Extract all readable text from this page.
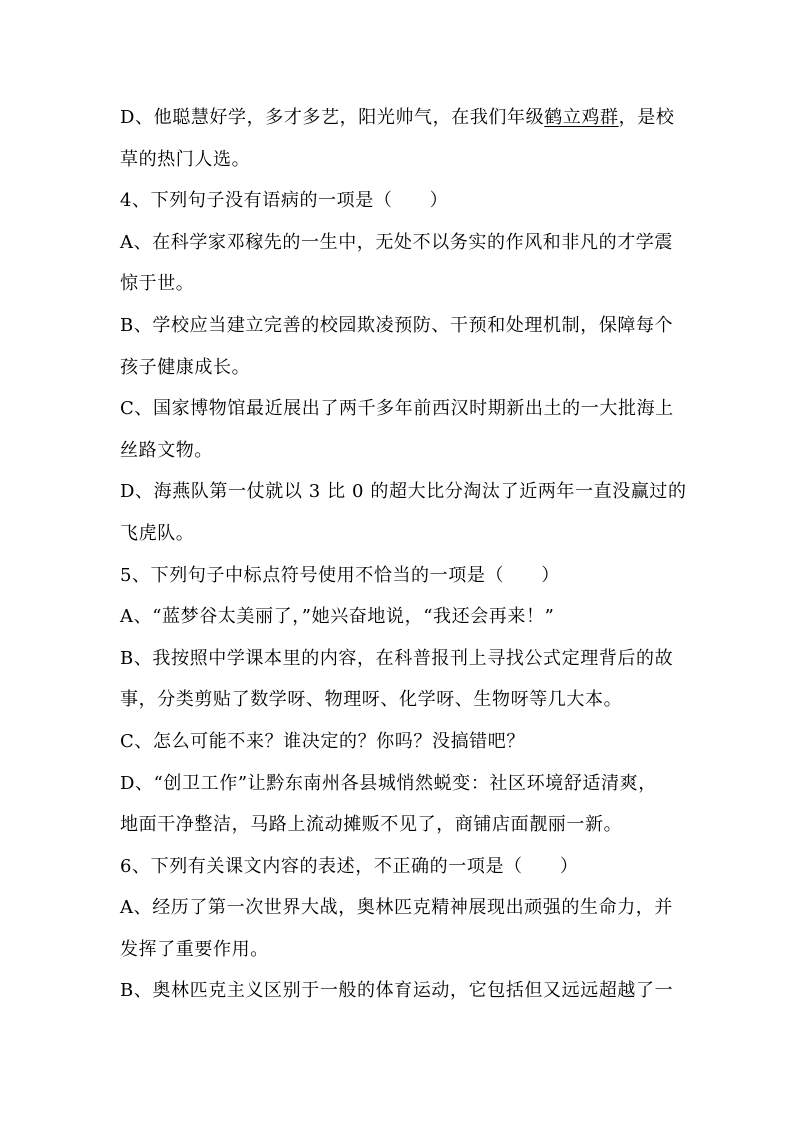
D、他聪慧好学，多才多艺，阳光帅气，在我们年级鹤立鸡群，是校
草的热门人选。
4、下列句子没有语病的一项是（　　）
A、在科学家邓稼先的一生中，无处不以务实的作风和非凡的才学震
惊于世。
B、学校应当建立完善的校园欺凌预防、干预和处理机制，保障每个
孩子健康成长。
C、国家博物馆最近展出了两千多年前西汉时期新出土的一大批海上
丝路文物。
D、海燕队第一仗就以 3 比 0 的超大比分淘汰了近两年一直没赢过的
飞虎队。
5、下列句子中标点符号使用不恰当的一项是（　　）
A、“蓝梦谷太美丽了，”她兴奋地说，“我还会再来！”
B、我按照中学课本里的内容，在科普报刊上寻找公式定理背后的故
事，分类剪贴了数学呀、物理呀、化学呀、生物呀等几大本。
C、怎么可能不来？谁决定的？你吗？没搞错吧？
D、“创卫工作”让黔东南州各县城悄然蜕变：社区环境舒适清爽，
地面干净整洁，马路上流动摊贩不见了，商铺店面靓丽一新。
6、下列有关课文内容的表述，不正确的一项是（　　）
A、经历了第一次世界大战，奥林匹克精神展现出顽强的生命力，并
发挥了重要作用。
B、奥林匹克主义区别于一般的体育运动，它包括但又远远超越了一
